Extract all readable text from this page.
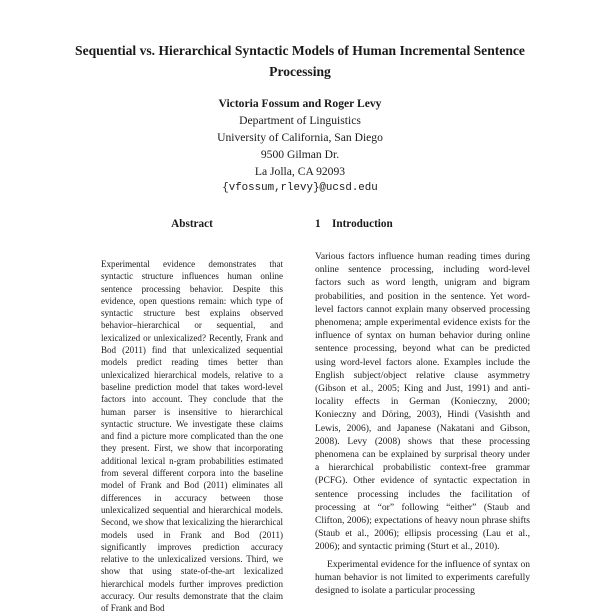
Sequential vs. Hierarchical Syntactic Models of Human Incremental Sentence Processing
Victoria Fossum and Roger Levy
Department of Linguistics
University of California, San Diego
9500 Gilman Dr.
La Jolla, CA 92093
{vfossum,rlevy}@ucsd.edu
Abstract

Experimental evidence demonstrates that syntactic structure influences human online sentence processing behavior. Despite this evidence, open questions remain: which type of syntactic structure best explains observed behavior–hierarchical or sequential, and lexicalized or unlexicalized? Recently, Frank and Bod (2011) find that unlexicalized sequential models predict reading times better than unlexicalized hierarchical models, relative to a baseline prediction model that takes word-level factors into account. They conclude that the human parser is insensitive to hierarchical syntactic structure. We investigate these claims and find a picture more complicated than the one they present. First, we show that incorporating additional lexical n-gram probabilities estimated from several different corpora into the baseline model of Frank and Bod (2011) eliminates all differences in accuracy between those unlexicalized sequential and hierarchical models. Second, we show that lexicalizing the hierarchical models used in Frank and Bod (2011) significantly improves prediction accuracy relative to the unlexicalized versions. Third, we show that using state-of-the-art lexicalized hierarchical models further improves prediction accuracy. Our results demonstrate that the claim of Frank and Bod

1 Introduction

Various factors influence human reading times during online sentence processing, including word-level factors such as word length, unigram and bigram probabilities, and position in the sentence. Yet word-level factors cannot explain many observed processing phenomena; ample experimental evidence exists for the influence of syntax on human behavior during online sentence processing, beyond what can be predicted using word-level factors alone. Examples include the English subject/object relative clause asymmetry (Gibson et al., 2005; King and Just, 1991) and anti-locality effects in German (Konieczny, 2000; Konieczny and Döring, 2003), Hindi (Vasishth and Lewis, 2006), and Japanese (Nakatani and Gibson, 2008). Levy (2008) shows that these processing phenomena can be explained by surprisal theory under a hierarchical probabilistic context-free grammar (PCFG). Other evidence of syntactic expectation in sentence processing includes the facilitation of processing at “or” following “either” (Staub and Clifton, 2006); expectations of heavy noun phrase shifts (Staub et al., 2006); ellipsis processing (Lau et al., 2006); and syntactic priming (Sturt et al., 2010).

Experimental evidence for the influence of syntax on human behavior is not limited to experiments carefully designed to isolate a particular processing
